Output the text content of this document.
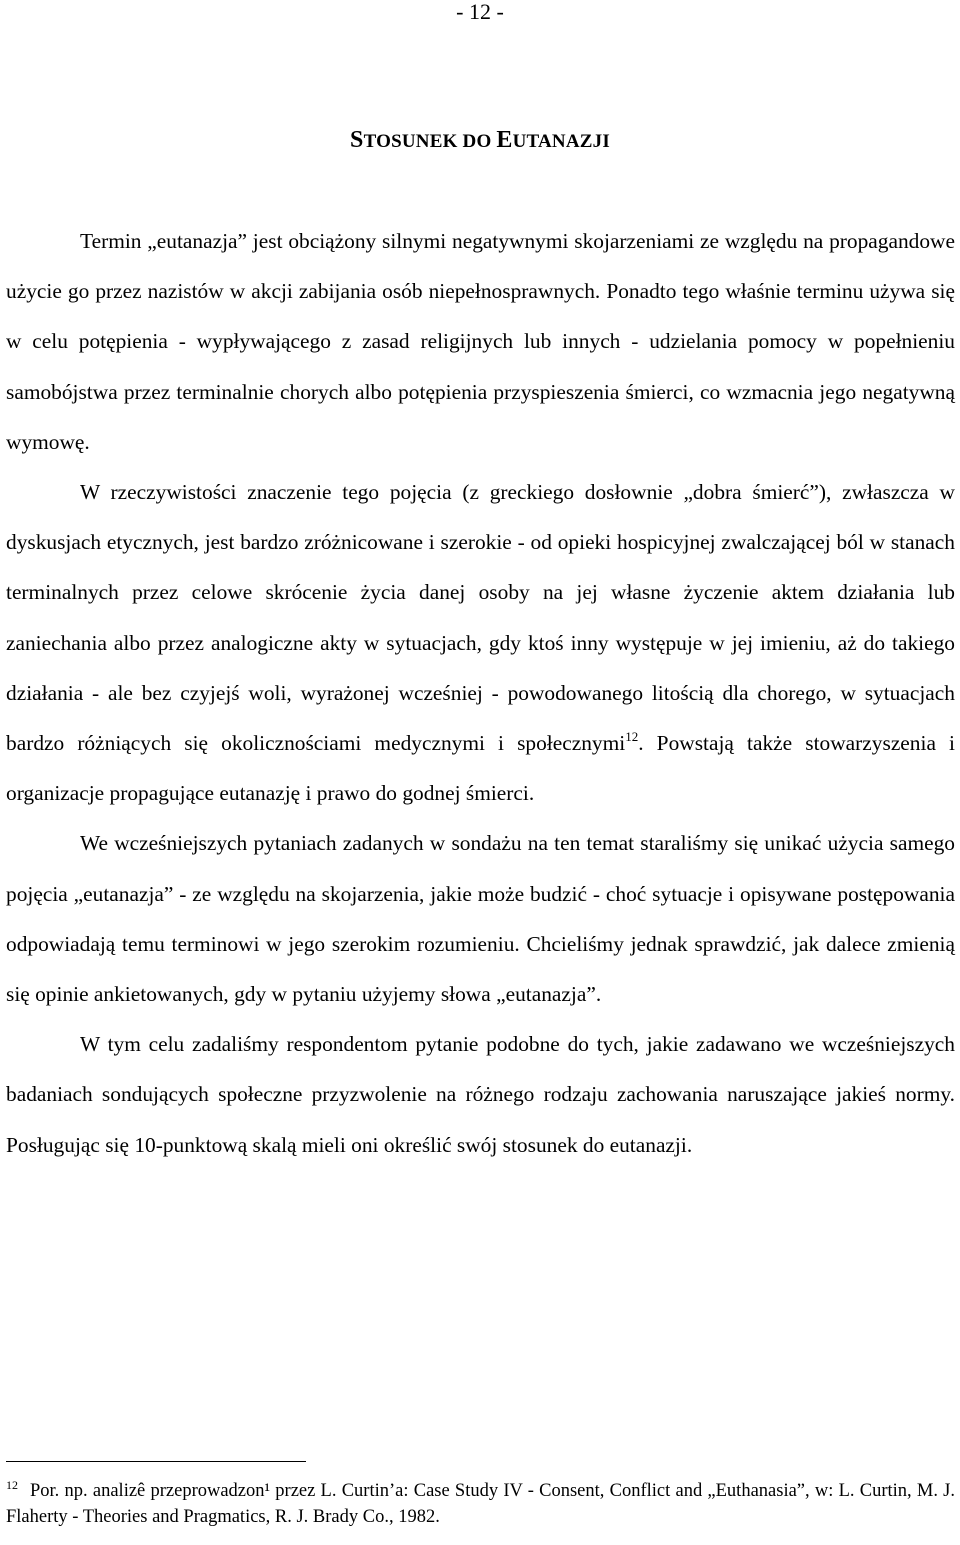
- 12 -
STOSUNEK DO EUTANAZJI

Termin „eutanazja” jest obciążony silnymi negatywnymi skojarzeniami ze względu na propagandowe użycie go przez nazistów w akcji zabijania osób niepełnosprawnych. Ponadto tego właśnie terminu używa się w celu potępienia - wypływającego z zasad religijnych lub innych - udzielania pomocy w popełnieniu samobójstwa przez terminalnie chorych albo potępienia przyspieszenia śmierci, co wzmacnia jego negatywną wymowę.

W rzeczywistości znaczenie tego pojęcia (z greckiego dosłownie „dobra śmierć”), zwłaszcza w dyskusjach etycznych, jest bardzo zróżnicowane i szerokie - od opieki hospicyjnej zwalczającej ból w stanach terminalnych przez celowe skrócenie życia danej osoby na jej własne życzenie aktem działania lub zaniechania albo przez analogiczne akty w sytuacjach, gdy ktoś inny występuje w jej imieniu, aż do takiego działania - ale bez czyjejś woli, wyrażonej wcześniej - powodowanego litością dla chorego, w sytuacjach bardzo różniących się okolicznościami medycznymi i społecznymi$^{12}$. Powstają także stowarzyszenia i organizacje propagujące eutanazję i prawo do godnej śmierci.

We wcześniejszych pytaniach zadanych w sondażu na ten temat staraliśmy się unikać użycia samego pojęcia „eutanazja” - ze względu na skojarzenia, jakie może budzić - choć sytuacje i opisywane postępowania odpowiadają temu terminowi w jego szerokim rozumieniu. Chcieliśmy jednak sprawdzić, jak dalece zmienią się opinie ankietowanych, gdy w pytaniu użyjemy słowa „eutanazja”.

W tym celu zadaliśmy respondentom pytanie podobne do tych, jakie zadawano we wcześniejszych badaniach sondujących społeczne przyzwolenie na różnego rodzaju zachowania naruszające jakieś normy. Posługując się 10-punktową skalą mieli oni określić swój stosunek do eutanazji.

$^{12}$ Por. np. analizê przeprowadzon¹ przez L. Curtin’a: Case Study IV - Consent, Conflict and „Euthanasia”, w: L. Curtin, M. J. Flaherty - Theories and Pragmatics, R. J. Brady Co., 1982.
